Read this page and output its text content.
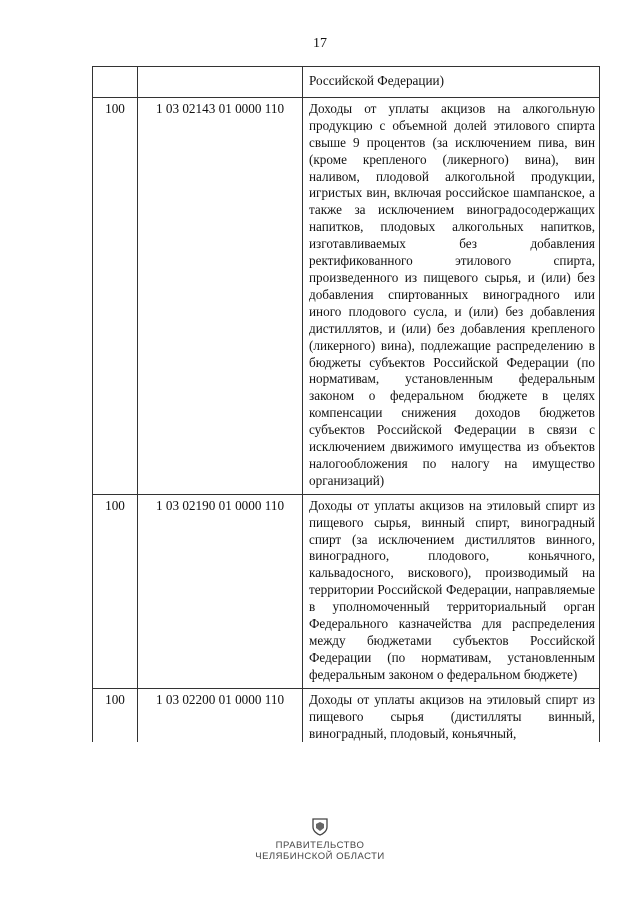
17
		Российской Федерации)
100	1 03 02143 01 0000 110	Доходы от уплаты акцизов на алкогольную продукцию с объемной долей этилового спирта свыше 9 процентов (за исключением пива, вин (кроме крепленого (ликерного) вина), вин наливом, плодовой алкогольной продукции, игристых вин, включая российское шампанское, а также за исключением виноградосодержащих напитков, плодовых алкогольных напитков, изготавливаемых без добавления ректификованного этилового спирта, произведенного из пищевого сырья, и (или) без добавления спиртованных виноградного или иного плодового сусла, и (или) без добавления дистиллятов, и (или) без добавления крепленого (ликерного) вина), подлежащие распределению в бюджеты субъектов Российской Федерации (по нормативам, установленным федеральным законом о федеральном бюджете в целях компенсации снижения доходов бюджетов субъектов Российской Федерации в связи с исключением движимого имущества из объектов налогообложения по налогу на имущество организаций)
100	1 03 02190 01 0000 110	Доходы от уплаты акцизов на этиловый спирт из пищевого сырья, винный спирт, виноградный спирт (за исключением дистиллятов винного, виноградного, плодового, коньячного, кальвадосного, вискового), производимый на территории Российской Федерации, направляемые в уполномоченный территориальный орган Федерального казначейства для распределения между бюджетами субъектов Российской Федерации (по нормативам, установленным федеральным законом о федеральном бюджете)
100	1 03 02200 01 0000 110	Доходы от уплаты акцизов на этиловый спирт из пищевого сырья (дистилляты винный, виноградный, плодовый, коньячный,
ПРАВИТЕЛЬСТВО
ЧЕЛЯБИНСКОЙ ОБЛАСТИ
